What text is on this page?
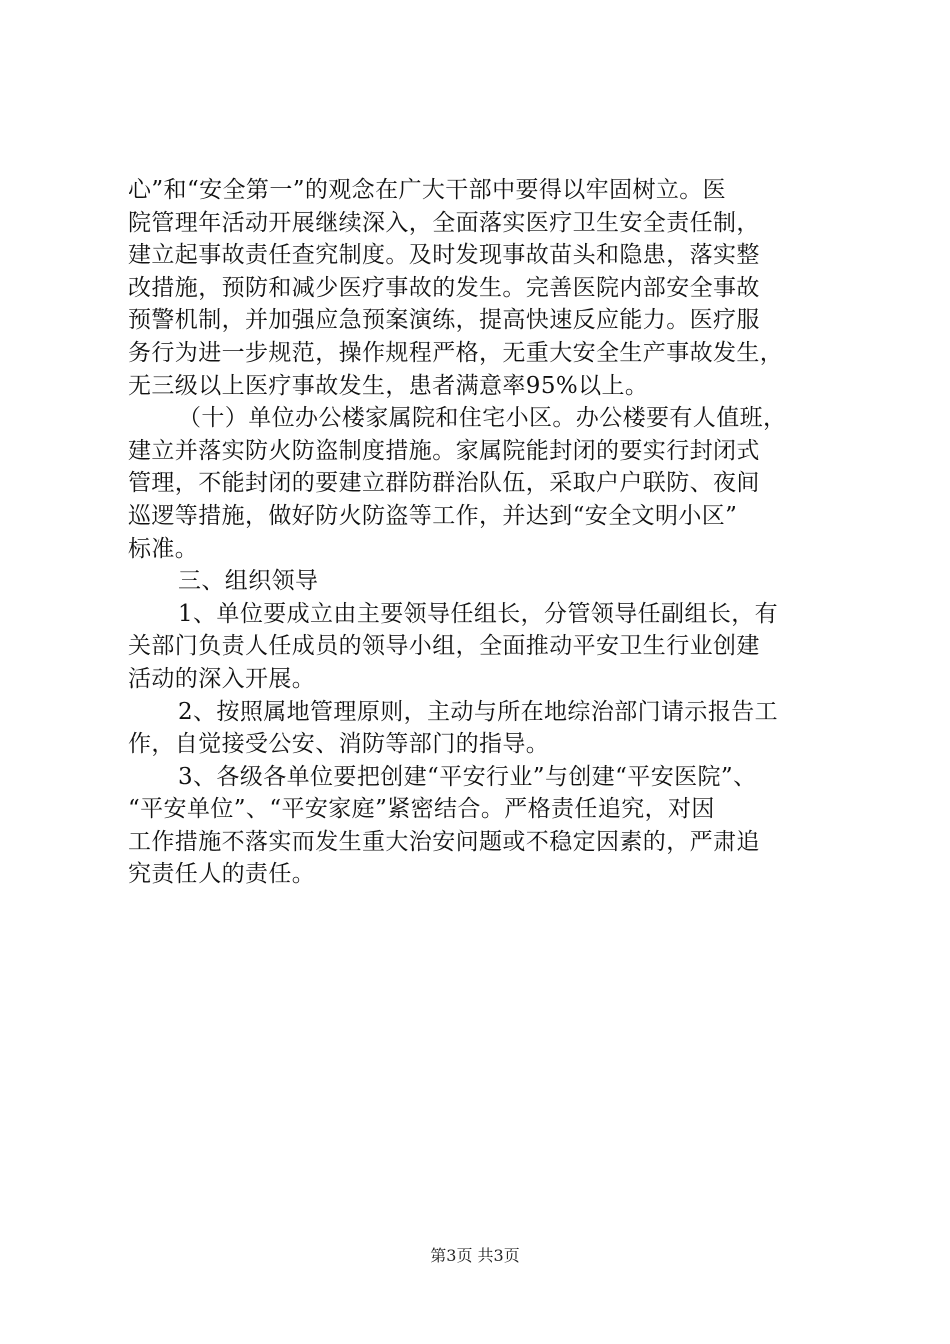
心”和“安全第一”的观念在广大干部中要得以牢固树立。医
院管理年活动开展继续深入，全面落实医疗卫生安全责任制，
建立起事故责任查究制度。及时发现事故苗头和隐患，落实整
改措施，预防和减少医疗事故的发生。完善医院内部安全事故
预警机制，并加强应急预案演练，提高快速反应能力。医疗服
务行为进一步规范，操作规程严格，无重大安全生产事故发生，
无三级以上医疗事故发生，患者满意率95%以上。
（十）单位办公楼家属院和住宅小区。办公楼要有人值班，
建立并落实防火防盗制度措施。家属院能封闭的要实行封闭式
管理，不能封闭的要建立群防群治队伍，采取户户联防、夜间
巡逻等措施，做好防火防盗等工作，并达到“安全文明小区”
标准。
三、组织领导
1、单位要成立由主要领导任组长，分管领导任副组长，有
关部门负责人任成员的领导小组，全面推动平安卫生行业创建
活动的深入开展。
2、按照属地管理原则，主动与所在地综治部门请示报告工
作，自觉接受公安、消防等部门的指导。
3、各级各单位要把创建“平安行业”与创建“平安医院”、
“平安单位”、“平安家庭”紧密结合。严格责任追究，对因
工作措施不落实而发生重大治安问题或不稳定因素的，严肃追
究责任人的责任。
第3页 共3页
